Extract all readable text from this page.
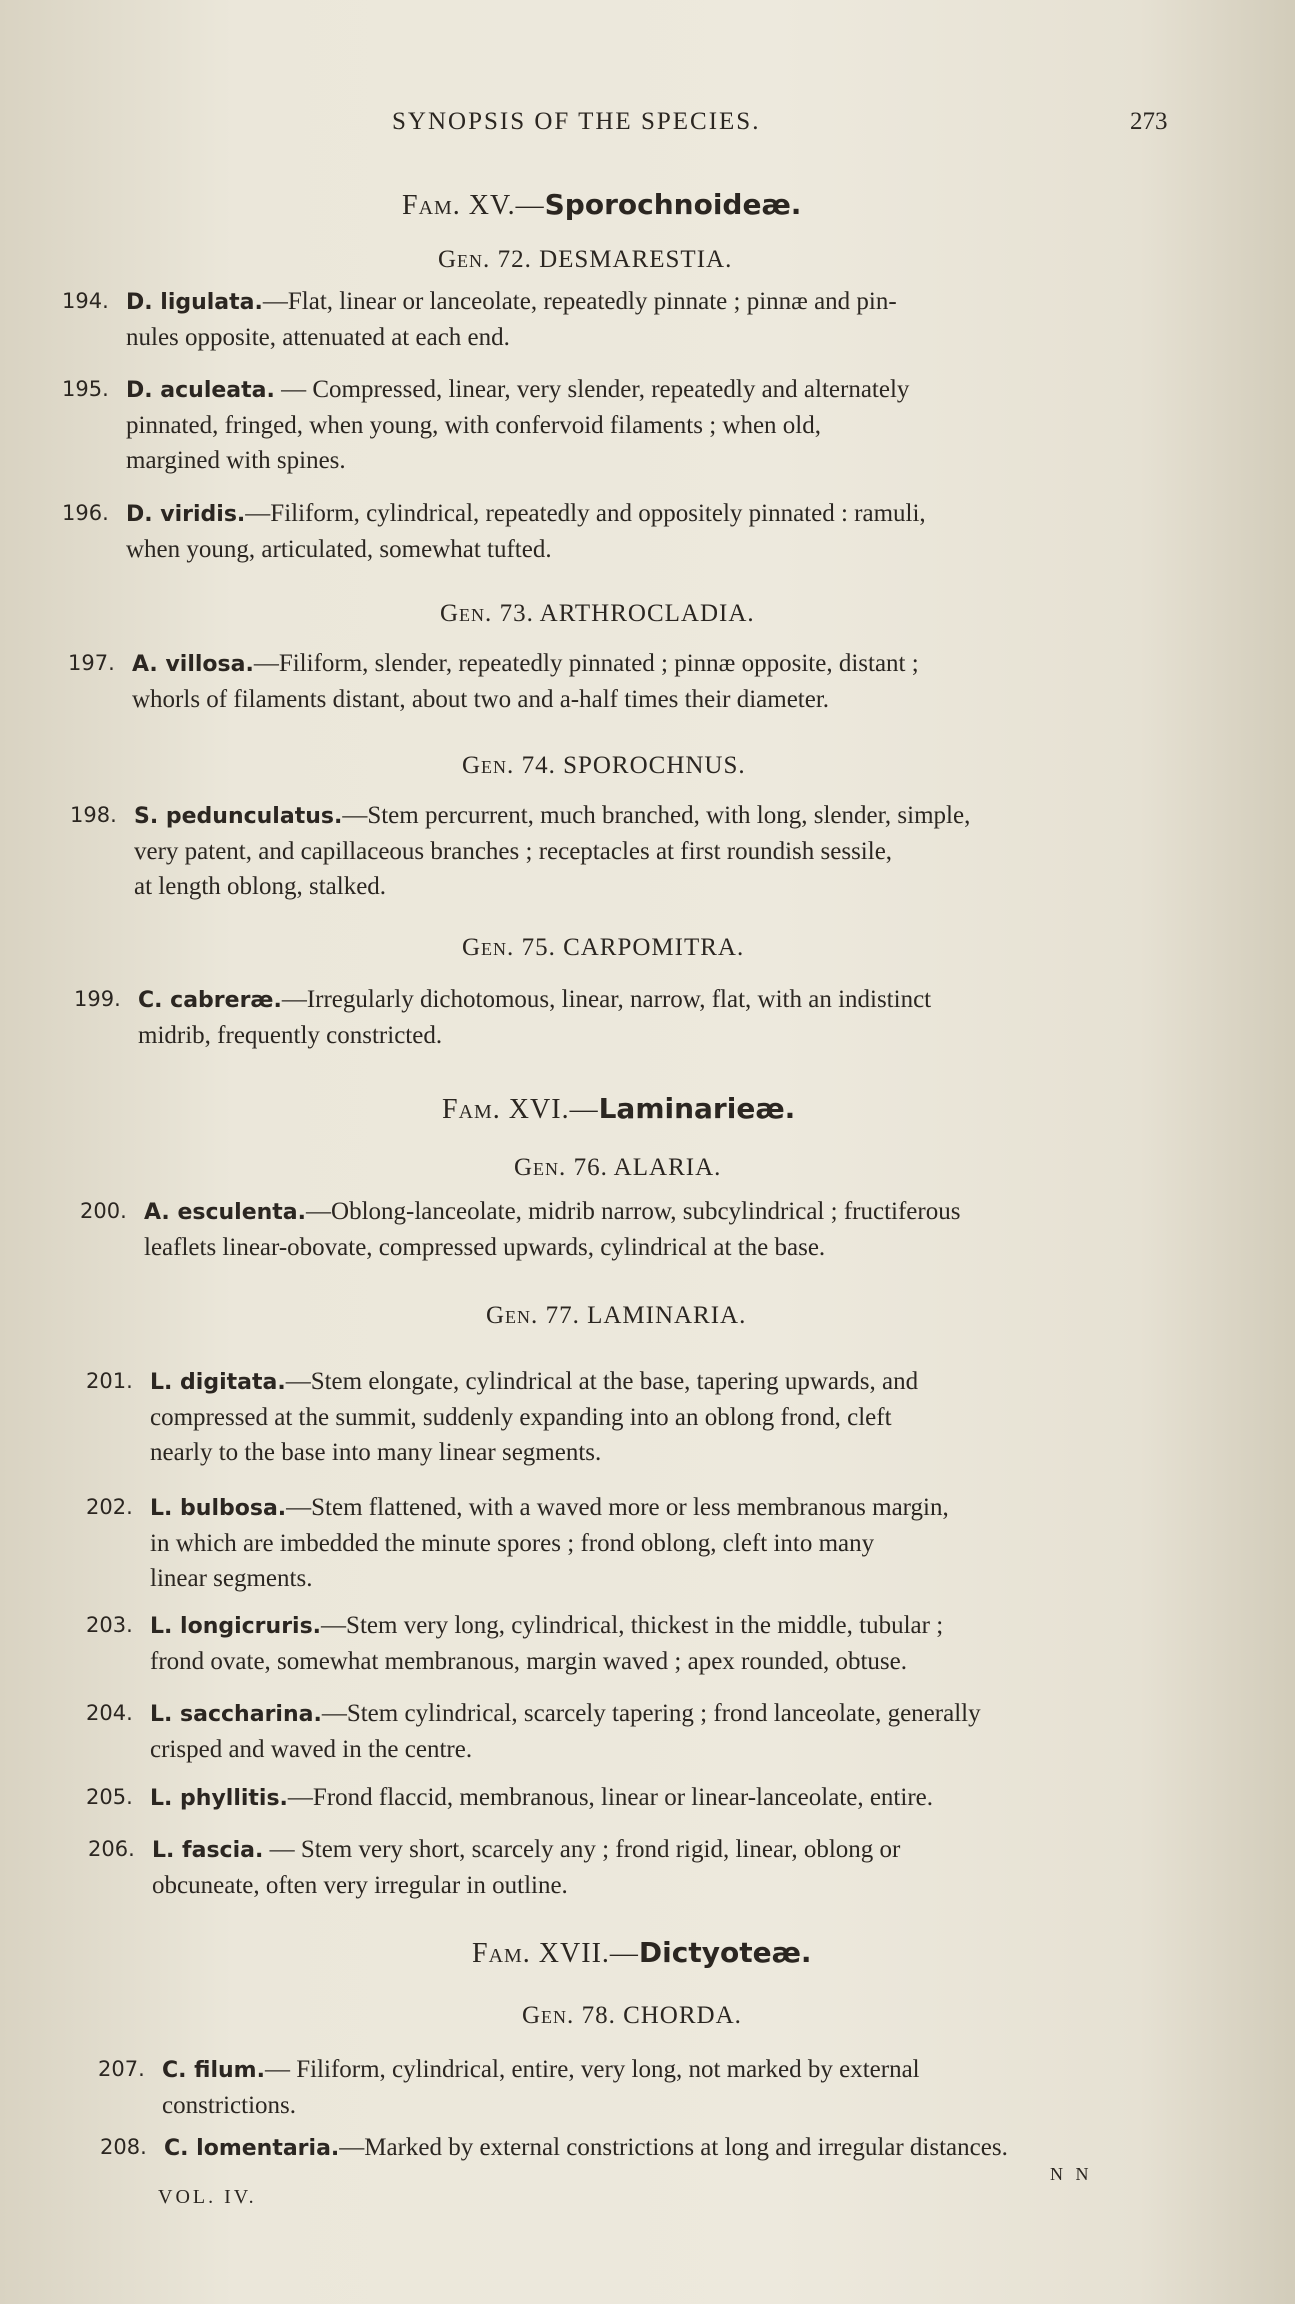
SYNOPSIS OF THE SPECIES.	273
Fam. XV.—Sporochnoideæ.
Gen. 72. DESMARESTIA.
194. D. ligulata.—Flat, linear or lanceolate, repeatedly pinnate ; pinnæ and pin-
nules opposite, attenuated at each end.
195. D. aculeata. — Compressed, linear, very slender, repeatedly and alternately
pinnated, fringed, when young, with confervoid filaments ; when old,
margined with spines.
196. D. viridis.—Filiform, cylindrical, repeatedly and oppositely pinnated : ramuli,
when young, articulated, somewhat tufted.
Gen. 73. ARTHROCLADIA.
197. A. villosa.—Filiform, slender, repeatedly pinnated ; pinnæ opposite, distant ;
whorls of filaments distant, about two and a-half times their diameter.
Gen. 74. SPOROCHNUS.
198. S. pedunculatus.—Stem percurrent, much branched, with long, slender, simple,
very patent, and capillaceous branches ; receptacles at first roundish sessile,
at length oblong, stalked.
Gen. 75. CARPOMITRA.
199. C. cabreræ.—Irregularly dichotomous, linear, narrow, flat, with an indistinct
midrib, frequently constricted.
Fam. XVI.—Laminarieæ.
Gen. 76. ALARIA.
200. A. esculenta.—Oblong-lanceolate, midrib narrow, subcylindrical ; fructiferous
leaflets linear-obovate, compressed upwards, cylindrical at the base.
Gen. 77. LAMINARIA.
201. L. digitata.—Stem elongate, cylindrical at the base, tapering upwards, and
compressed at the summit, suddenly expanding into an oblong frond, cleft
nearly to the base into many linear segments.
202. L. bulbosa.—Stem flattened, with a waved more or less membranous margin,
in which are imbedded the minute spores ; frond oblong, cleft into many
linear segments.
203. L. longicruris.—Stem very long, cylindrical, thickest in the middle, tubular ;
frond ovate, somewhat membranous, margin waved ; apex rounded, obtuse.
204. L. saccharina.—Stem cylindrical, scarcely tapering ; frond lanceolate, generally
crisped and waved in the centre.
205. L. phyllitis.—Frond flaccid, membranous, linear or linear-lanceolate, entire.
206. L. fascia. — Stem very short, scarcely any ; frond rigid, linear, oblong or
obcuneate, often very irregular in outline.
Fam. XVII.—Dictyoteæ.
Gen. 78. CHORDA.
207. C. filum.— Filiform, cylindrical, entire, very long, not marked by external
constrictions.
208. C. lomentaria.—Marked by external constrictions at long and irregular distances.
VOL. IV.
N N
